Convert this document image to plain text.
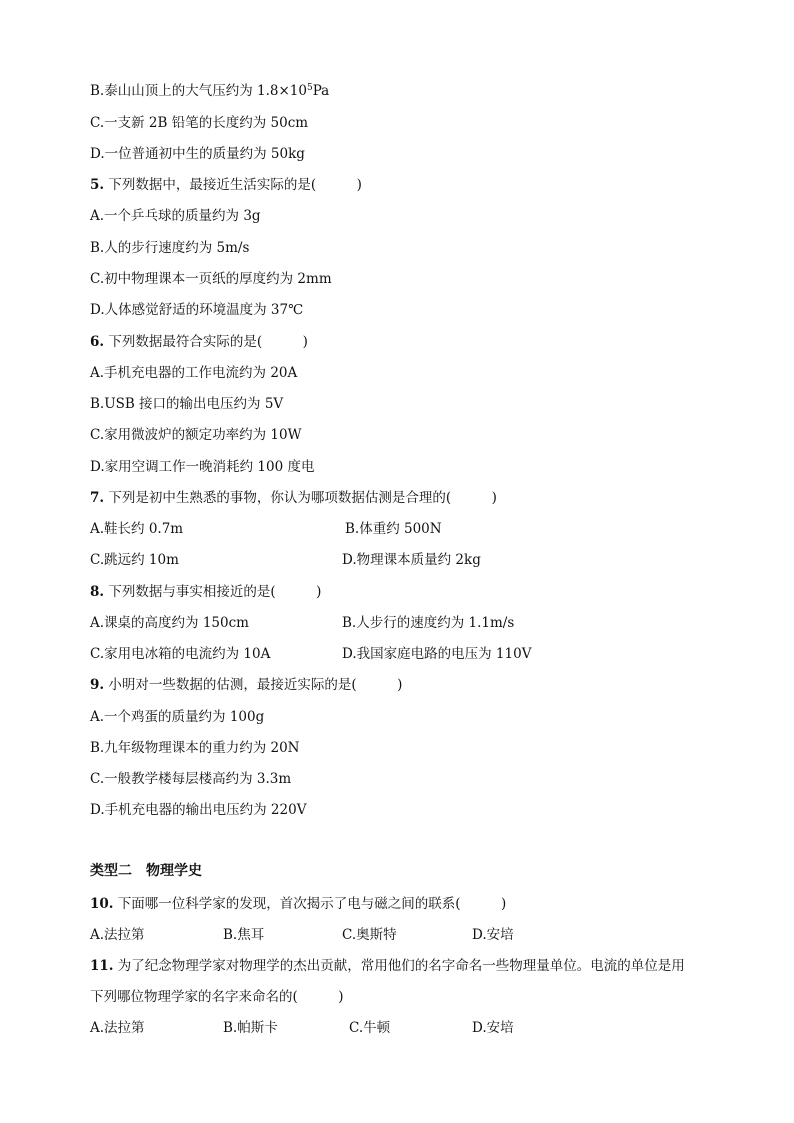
B.泰山山顶上的大气压约为 $1.8\times 10^5Pa$
C.一支新 2B 铅笔的长度约为 50cm
D.一位普通初中生的质量约为 50kg
5. 下列数据中，最接近生活实际的是(　　　)
A.一个乒乓球的质量约为 3g
B.人的步行速度约为 5m/s
C.初中物理课本一页纸的厚度约为 2mm
D.人体感觉舒适的环境温度为 37℃
6. 下列数据最符合实际的是(　　　)
A.手机充电器的工作电流约为 20A
B.USB 接口的输出电压约为 5V
C.家用微波炉的额定功率约为 10W
D.家用空调工作一晚消耗约 100 度电
7. 下列是初中生熟悉的事物，你认为哪项数据估测是合理的(　　　)
A.鞋长约 0.7m	B.体重约 500N
C.跳远约 10m	D.物理课本质量约 2kg
8. 下列数据与事实相接近的是(　　　)
A.课桌的高度约为 150cm	B.人步行的速度约为 1.1m/s
C.家用电冰箱的电流约为 10A	D.我国家庭电路的电压为 110V
9. 小明对一些数据的估测，最接近实际的是(　　　)
A.一个鸡蛋的质量约为 100g
B.九年级物理课本的重力约为 20N
C.一般教学楼每层楼高约为 3.3m
D.手机充电器的输出电压约为 220V
类型二　物理学史
10. 下面哪一位科学家的发现，首次揭示了电与磁之间的联系(　　　)
A.法拉第	B.焦耳	C.奥斯特	D.安培
11. 为了纪念物理学家对物理学的杰出贡献，常用他们的名字命名一些物理量单位。电流的单位是用
下列哪位物理学家的名字来命名的(　　　)
A.法拉第	B.帕斯卡	C.牛顿	D.安培
